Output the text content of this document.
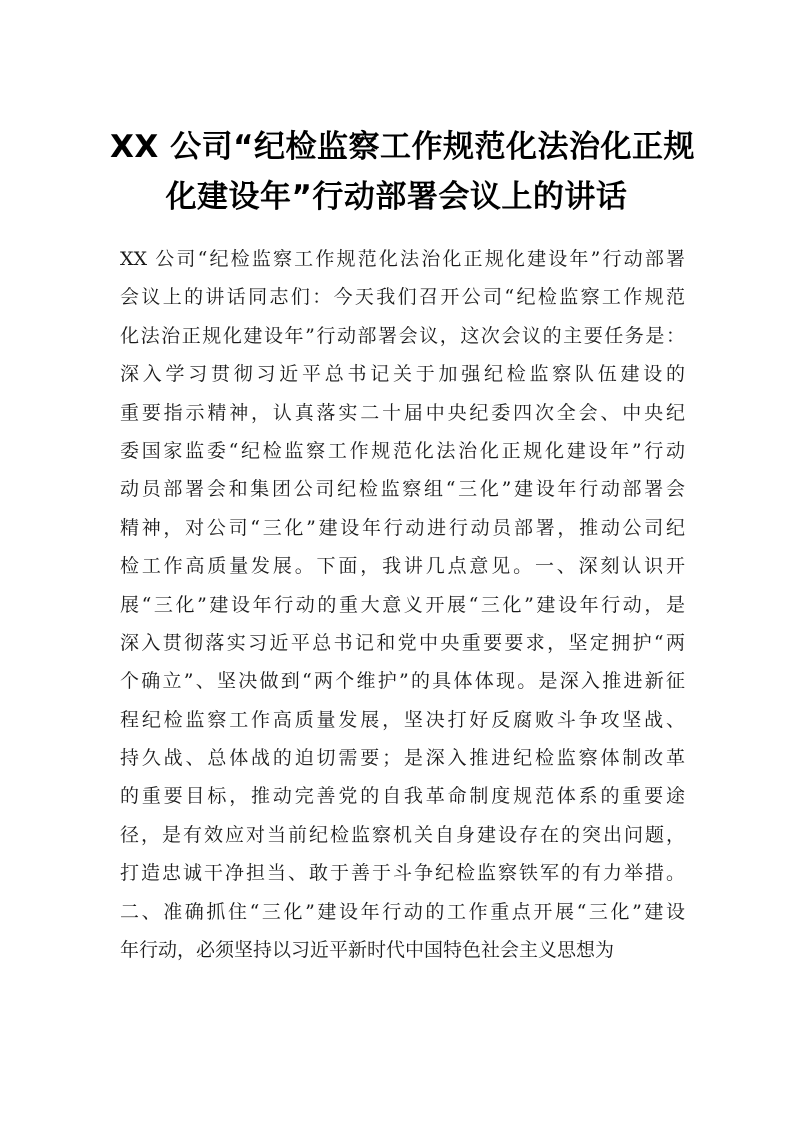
XX 公司“纪检监察工作规范化法治化正规
化建设年”行动部署会议上的讲话
XX 公司“纪检监察工作规范化法治化正规化建设年”行动部署
会议上的讲话同志们：今天我们召开公司“纪检监察工作规范
化法治正规化建设年”行动部署会议，这次会议的主要任务是：
深入学习贯彻习近平总书记关于加强纪检监察队伍建设的
重要指示精神，认真落实二十届中央纪委四次全会、中央纪
委国家监委“纪检监察工作规范化法治化正规化建设年”行动
动员部署会和集团公司纪检监察组“三化”建设年行动部署会
精神，对公司“三化”建设年行动进行动员部署，推动公司纪
检工作高质量发展。下面，我讲几点意见。一、深刻认识开
展“三化”建设年行动的重大意义开展“三化”建设年行动，是
深入贯彻落实习近平总书记和党中央重要要求，坚定拥护“两
个确立”、坚决做到“两个维护”的具体体现。是深入推进新征
程纪检监察工作高质量发展，坚决打好反腐败斗争攻坚战、
持久战、总体战的迫切需要；是深入推进纪检监察体制改革
的重要目标，推动完善党的自我革命制度规范体系的重要途
径，是有效应对当前纪检监察机关自身建设存在的突出问题，
打造忠诚干净担当、敢于善于斗争纪检监察铁军的有力举措。
二、准确抓住“三化”建设年行动的工作重点开展“三化”建设
年行动，必须坚持以习近平新时代中国特色社会主义思想为
